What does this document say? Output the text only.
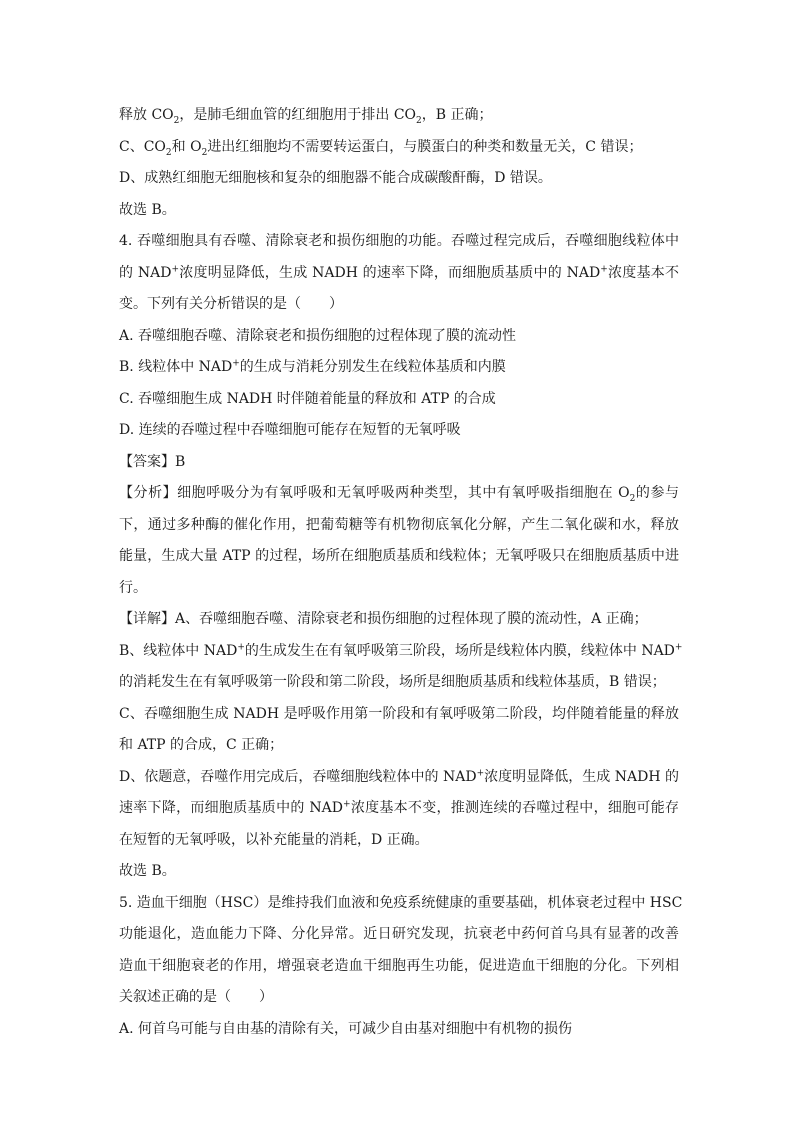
释放 $CO_2$，是肺毛细血管的红细胞用于排出 $CO_2$，B 正确；
C、$CO_2$和 $O_2$进出红细胞均不需要转运蛋白，与膜蛋白的种类和数量无关，C 错误；
D、成熟红细胞无细胞核和复杂的细胞器不能合成碳酸酐酶，D 错误。
故选 B。
4. 吞噬细胞具有吞噬、清除衰老和损伤细胞的功能。吞噬过程完成后，吞噬细胞线粒体中
的 NAD+浓度明显降低，生成 NADH 的速率下降，而细胞质基质中的 NAD+浓度基本不
变。下列有关分析错误的是（　　）
A. 吞噬细胞吞噬、清除衰老和损伤细胞的过程体现了膜的流动性
B. 线粒体中 NAD+的生成与消耗分别发生在线粒体基质和内膜
C. 吞噬细胞生成 NADH 时伴随着能量的释放和 ATP 的合成
D. 连续的吞噬过程中吞噬细胞可能存在短暂的无氧呼吸
【答案】B
【分析】细胞呼吸分为有氧呼吸和无氧呼吸两种类型，其中有氧呼吸指细胞在 $O_2$的参与
下，通过多种酶的催化作用，把葡萄糖等有机物彻底氧化分解，产生二氧化碳和水，释放
能量，生成大量 ATP 的过程，场所在细胞质基质和线粒体；无氧呼吸只在细胞质基质中进
行。
【详解】A、吞噬细胞吞噬、清除衰老和损伤细胞的过程体现了膜的流动性，A 正确；
B、线粒体中 NAD+的生成发生在有氧呼吸第三阶段，场所是线粒体内膜，线粒体中 NAD+
的消耗发生在有氧呼吸第一阶段和第二阶段，场所是细胞质基质和线粒体基质，B 错误；
C、吞噬细胞生成 NADH 是呼吸作用第一阶段和有氧呼吸第二阶段，均伴随着能量的释放
和 ATP 的合成，C 正确；
D、依题意，吞噬作用完成后，吞噬细胞线粒体中的 NAD+浓度明显降低，生成 NADH 的
速率下降，而细胞质基质中的 NAD+浓度基本不变，推测连续的吞噬过程中，细胞可能存
在短暂的无氧呼吸，以补充能量的消耗，D 正确。
故选 B。
5. 造血干细胞（HSC）是维持我们血液和免疫系统健康的重要基础，机体衰老过程中 HSC
功能退化，造血能力下降、分化异常。近日研究发现，抗衰老中药何首乌具有显著的改善
造血干细胞衰老的作用，增强衰老造血干细胞再生功能，促进造血干细胞的分化。下列相
关叙述正确的是（　　）
A. 何首乌可能与自由基的清除有关，可减少自由基对细胞中有机物的损伤
